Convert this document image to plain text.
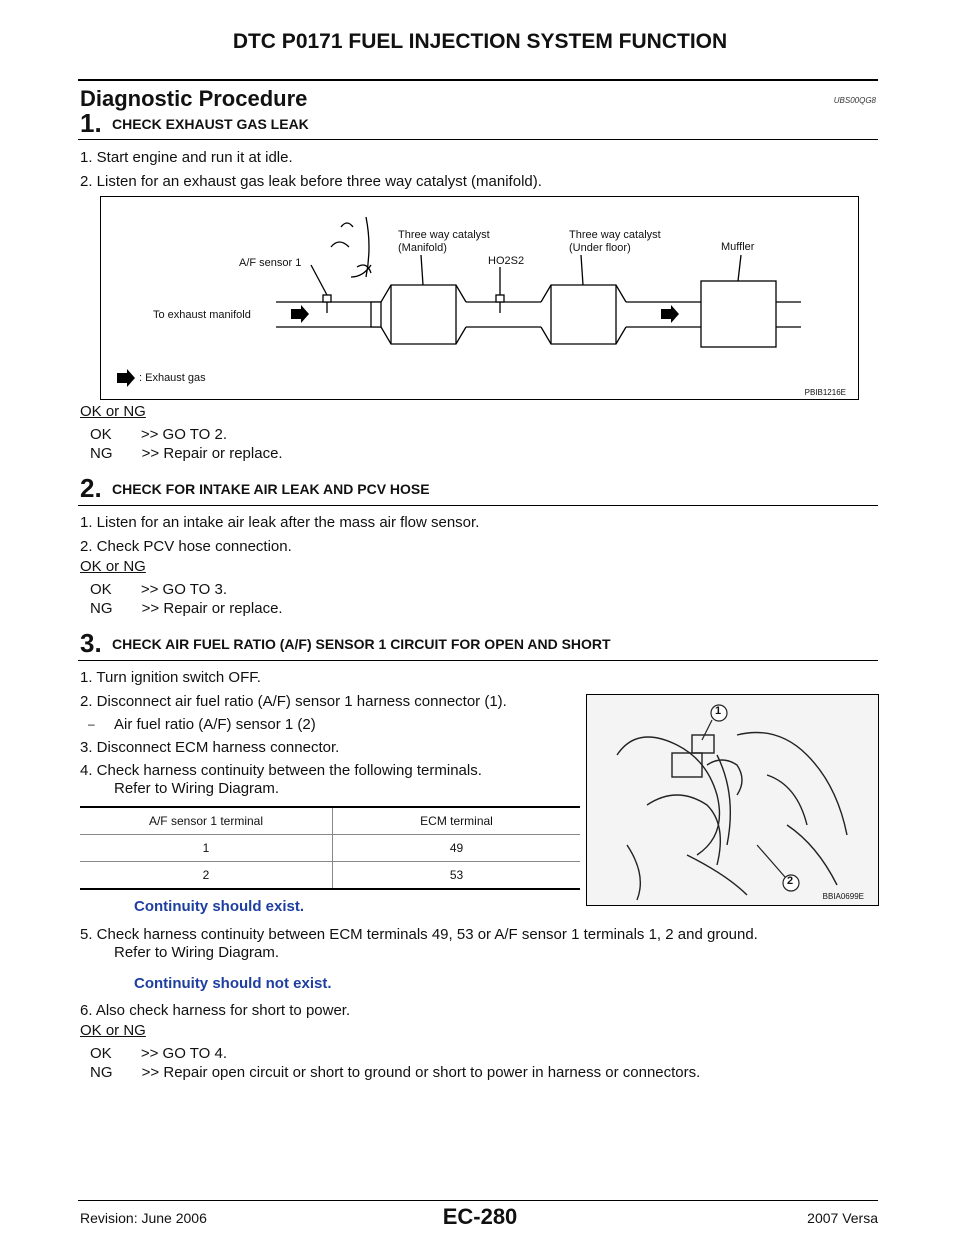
DTC P0171 FUEL INJECTION SYSTEM FUNCTION
Diagnostic Procedure	UBS00QG8
1. CHECK EXHAUST GAS LEAK
1. Start engine and run it at idle.
2. Listen for an exhaust gas leak before three way catalyst (manifold).
Three way catalyst
(Manifold)
Three way catalyst
(Under floor)	Muffler
A/F sensor 1	HO2S2
To exhaust manifold
: Exhaust gas
PBIB1216E
OK or NG
OK       >> GO TO 2.
NG       >> Repair or replace.
2. CHECK FOR INTAKE AIR LEAK AND PCV HOSE
1. Listen for an intake air leak after the mass air flow sensor.
2. Check PCV hose connection.
OK or NG
OK       >> GO TO 3.
NG       >> Repair or replace.
3. CHECK AIR FUEL RATIO (A/F) SENSOR 1 CIRCUIT FOR OPEN AND SHORT
1. Turn ignition switch OFF.
2. Disconnect air fuel ratio (A/F) sensor 1 harness connector (1).
– Air fuel ratio (A/F) sensor 1 (2)
3. Disconnect ECM harness connector.
4. Check harness continuity between the following terminals.
Refer to Wiring Diagram.
1
2
BBIA0699E
A/F sensor 1 terminal	ECM terminal
1	49
2	53
Continuity should exist.
5. Check harness continuity between ECM terminals 49, 53 or A/F sensor 1 terminals 1, 2 and ground.
Refer to Wiring Diagram.
Continuity should not exist.
6. Also check harness for short to power.
OK or NG
OK       >> GO TO 4.
NG       >> Repair open circuit or short to ground or short to power in harness or connectors.
Revision: June 2006	EC-280	2007 Versa
